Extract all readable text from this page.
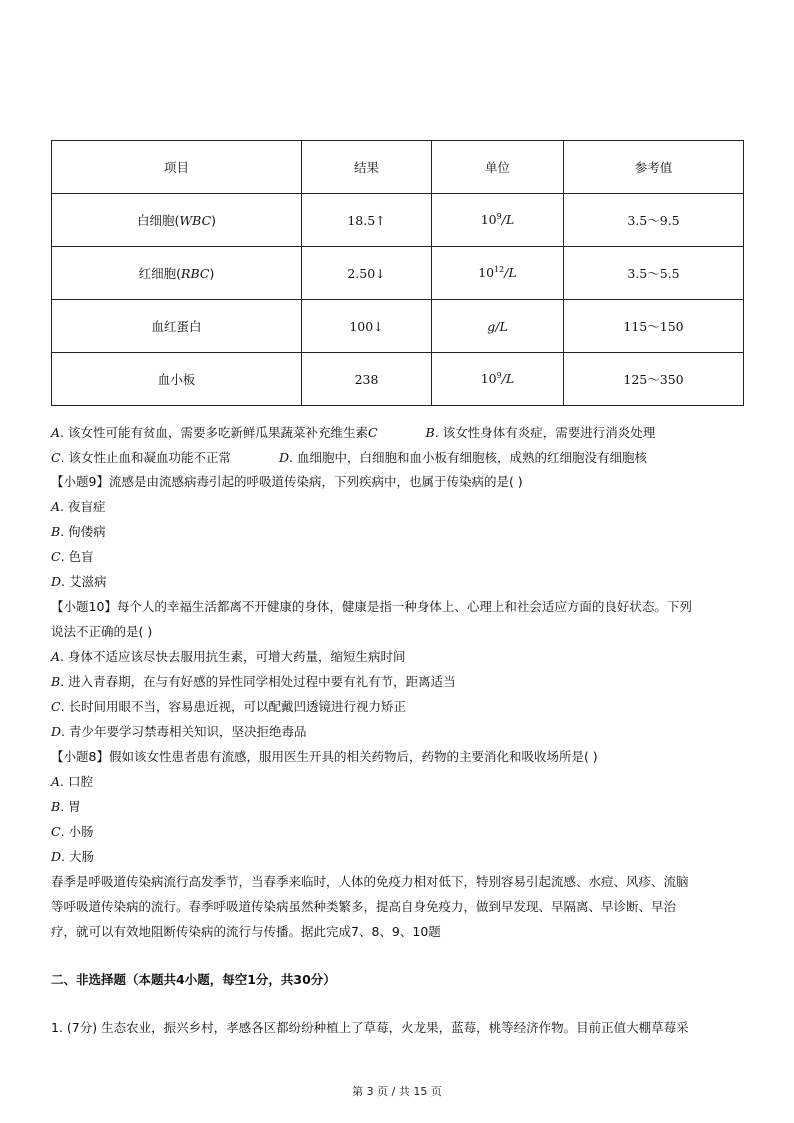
项目	结果	单位	参考值
白细胞(WBC)	18.5↑	$10^9/L$	3.5～9.5
红细胞(RBC)	2.50↓	$10^{12}/L$	3.5～5.5
血红蛋白	100↓	g/L	115～150
血小板	238	$10^9/L$	125～350
A. 该女性可能有贫血，需要多吃新鲜瓜果蔬菜补充维生素C	B. 该女性身体有炎症，需要进行消炎处理
C. 该女性止血和凝血功能不正常	D. 血细胞中，白细胞和血小板有细胞核，成熟的红细胞没有细胞核
【小题9】流感是由流感病毒引起的呼吸道传染病，下列疾病中，也属于传染病的是( )
A. 夜盲症
B. 佝偻病
C. 色盲
D. 艾滋病
【小题10】每个人的幸福生活都离不开健康的身体，健康是指一种身体上、心理上和社会适应方面的良好状态。下列
说法不正确的是( )
A. 身体不适应该尽快去服用抗生素，可增大药量，缩短生病时间
B. 进入青春期，在与有好感的异性同学相处过程中要有礼有节，距离适当
C. 长时间用眼不当，容易患近视，可以配戴凹透镜进行视力矫正
D. 青少年要学习禁毒相关知识，坚决拒绝毒品
【小题8】假如该女性患者患有流感，服用医生开具的相关药物后，药物的主要消化和吸收场所是( )
A. 口腔
B. 胃
C. 小肠
D. 大肠
春季是呼吸道传染病流行高发季节，当春季来临时，人体的免疫力相对低下，特别容易引起流感、水痘、风疹、流脑
等呼吸道传染病的流行。春季呼吸道传染病虽然种类繁多，提高自身免疫力，做到早发现、早隔离、早诊断、早治
疗，就可以有效地阻断传染病的流行与传播。据此完成7、8、9、10题
二、非选择题（本题共4小题，每空1分，共30分）
1. (7分) 生态农业，振兴乡村，孝感各区都纷纷种植上了草莓，火龙果，蓝莓，桃等经济作物。目前正值大棚草莓采
第 3 页 / 共 15 页
